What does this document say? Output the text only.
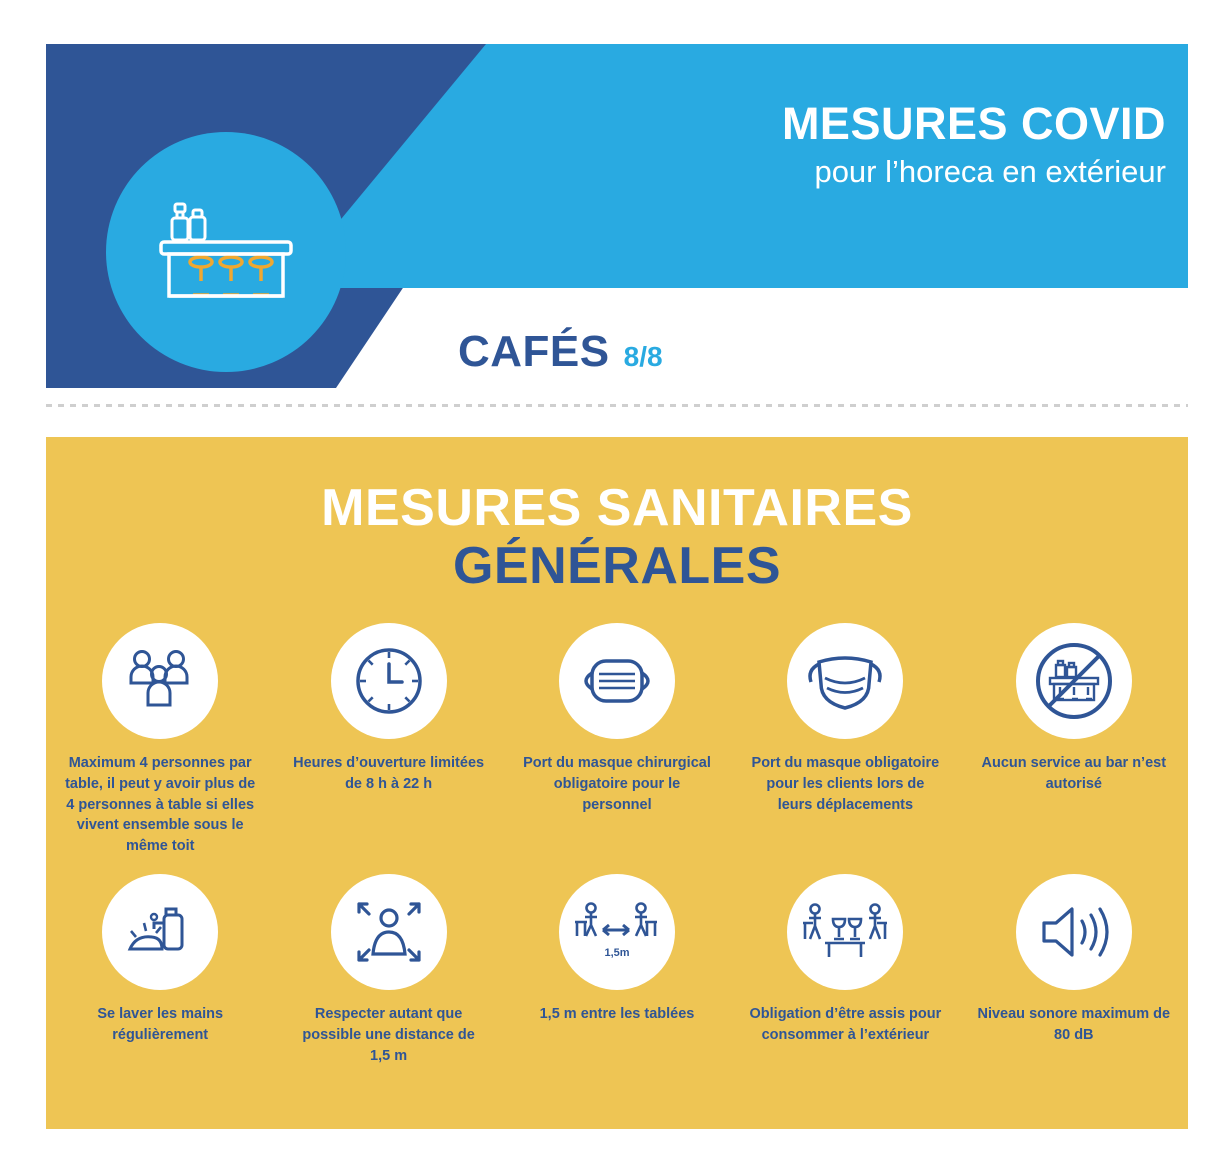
MESURES COVID
pour l’horeca en extérieur
CAFÉS 8/8
MESURES SANITAIRES
GÉNÉRALES
Maximum 4 personnes par table, il peut y avoir plus de 4 personnes à table si elles vivent ensemble sous le même toit
Heures d’ouverture limitées de 8 h à 22 h
Port du masque chirurgical obligatoire pour le personnel
Port du masque obligatoire pour les clients lors de leurs déplacements
Aucun service au bar n’est autorisé
Se laver les mains régulièrement
Respecter autant que possible une distance de 1,5 m
1,5m
1,5 m entre les tablées	Obligation d’être assis pour consommer à l’extérieur
Niveau sonore maximum de 80 dB
